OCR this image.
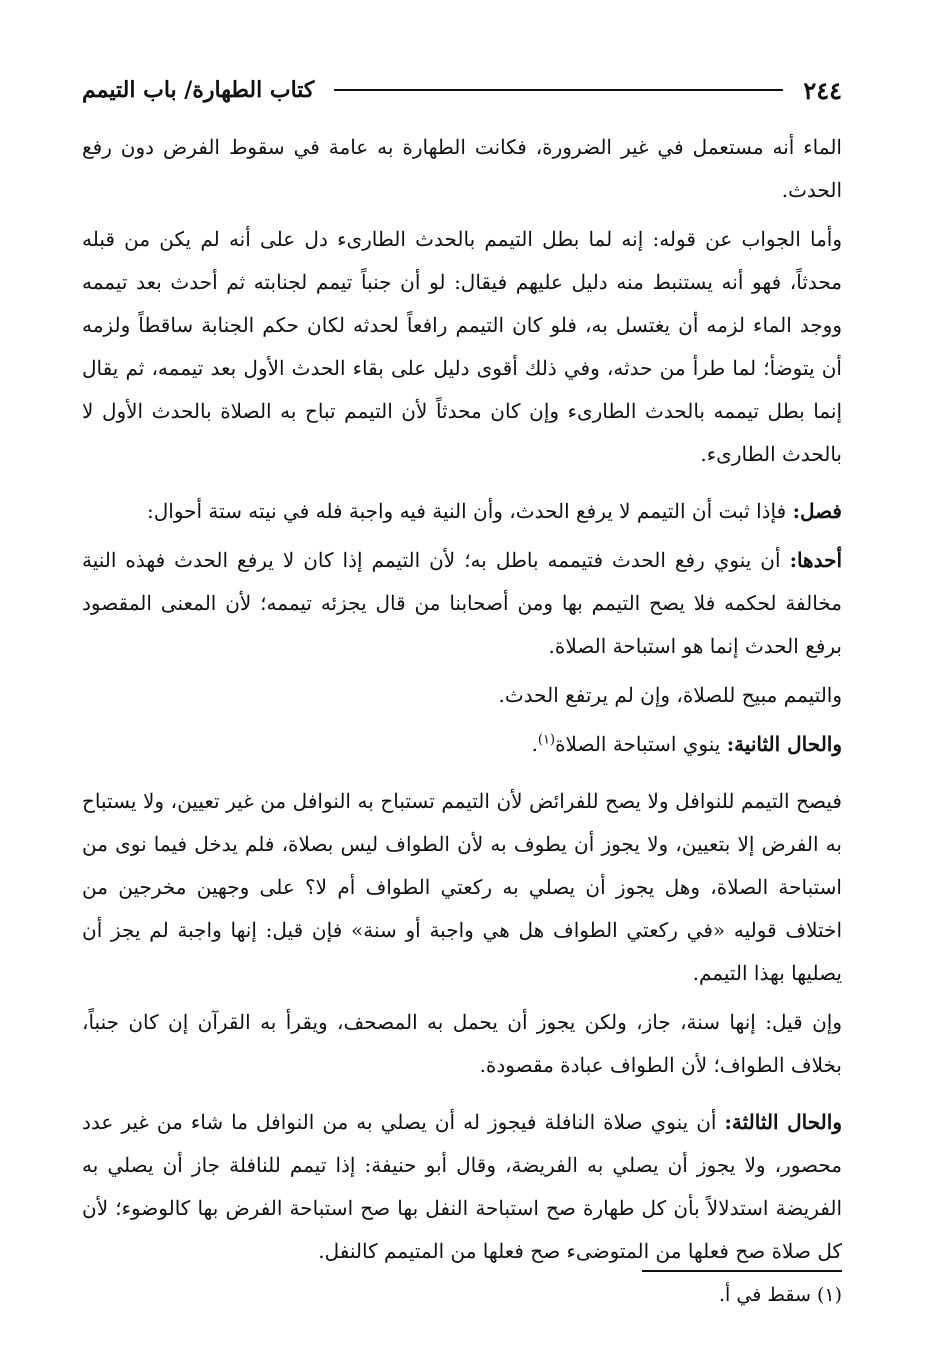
٢٤٤
كتاب الطهارة/ باب التيمم

الماء أنه مستعمل في غير الضرورة، فكانت الطهارة به عامة في سقوط الفرض دون رفع الحدث.

وأما الجواب عن قوله: إنه لما بطل التيمم بالحدث الطارىء دل على أنه لم يكن من قبله محدثاً، فهو أنه يستنبط منه دليل عليهم فيقال: لو أن جنباً تيمم لجنابته ثم أحدث بعد تيممه ووجد الماء لزمه أن يغتسل به، فلو كان التيمم رافعاً لحدثه لكان حكم الجنابة ساقطاً ولزمه أن يتوضأ؛ لما طرأ من حدثه، وفي ذلك أقوى دليل على بقاء الحدث الأول بعد تيممه، ثم يقال إنما بطل تيممه بالحدث الطارىء وإن كان محدثاً لأن التيمم تباح به الصلاة بالحدث الأول لا بالحدث الطارىء.

فصل: فإذا ثبت أن التيمم لا يرفع الحدث، وأن النية فيه واجبة فله في نيته ستة أحوال:

أحدها: أن ينوي رفع الحدث فتيممه باطل به؛ لأن التيمم إذا كان لا يرفع الحدث فهذه النية مخالفة لحكمه فلا يصح التيمم بها ومن أصحابنا من قال يجزئه تيممه؛ لأن المعنى المقصود برفع الحدث إنما هو استباحة الصلاة.

والتيمم مبيح للصلاة، وإن لم يرتفع الحدث.

والحال الثانية: ينوي استباحة الصلاة$^{(١)}$.

فيصح التيمم للنوافل ولا يصح للفرائض لأن التيمم تستباح به النوافل من غير تعيين، ولا يستباح به الفرض إلا بتعيين، ولا يجوز أن يطوف به لأن الطواف ليس بصلاة، فلم يدخل فيما نوى من استباحة الصلاة، وهل يجوز أن يصلي به ركعتي الطواف أم لا؟ على وجهين مخرجين من اختلاف قوليه «في ركعتي الطواف هل هي واجبة أو سنة» فإن قيل: إنها واجبة لم يجز أن يصليها بهذا التيمم.

وإن قيل: إنها سنة، جاز، ولكن يجوز أن يحمل به المصحف، ويقرأ به القرآن إن كان جنباً، بخلاف الطواف؛ لأن الطواف عبادة مقصودة.

والحال الثالثة: أن ينوي صلاة النافلة فيجوز له أن يصلي به من النوافل ما شاء من غير عدد محصور، ولا يجوز أن يصلي به الفريضة، وقال أبو حنيفة: إذا تيمم للنافلة جاز أن يصلي به الفريضة استدلالاً بأن كل طهارة صح استباحة النفل بها صح استباحة الفرض بها كالوضوء؛ لأن كل صلاة صح فعلها من المتوضىء صح فعلها من المتيمم كالنفل.

(١) سقط في أ.
